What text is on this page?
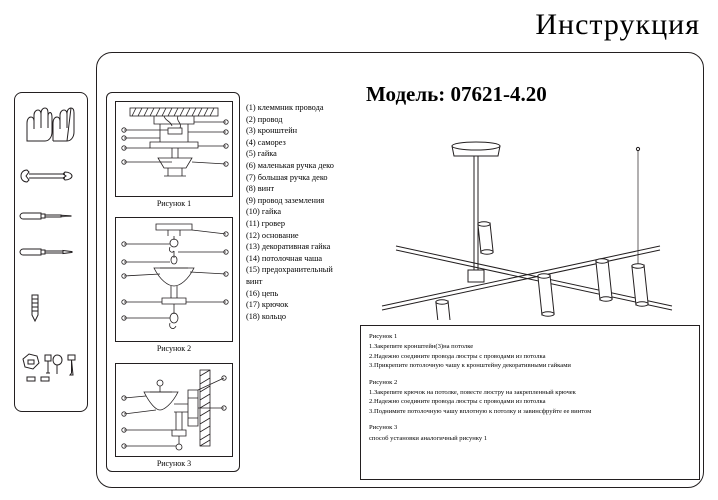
Инструкция
Рисунок 1
Рисунок 2
Рисунок 3
(1) клеммник провода
(2) провод
(3) кронштейн
(4) саморез
(5) гайка
(6) маленькая ручка деко
(7) большая ручка деко
(8) винт
(9) провод заземления
(10) гайка
(11) гровер
(12) основание
(13) декоративная гайка
(14) потолочная чаша
(15) предохранительный
винт
(16) цепь
(17) крючок
(18) кольцо
Модель: 07621-4.20
Рисунок 1
1.Закрепите кронштейн(3)на потолке
2.Надежно соедините провода люстры с проводами из потолка
3.Прикрепите потолочную чашу к кронштейну декоративными гайками
Рисунок 2
1.Закрепите крючок на потолке, повесте люстру на закрепленный крючек
2.Надежно соедините провода люстры с проводами из потолка
3.Поднимите потолочную чашу вплотную к потолку и завинсфруйте ее винтом
Рисунок 3
способ установки аналогичный рисунку 1
